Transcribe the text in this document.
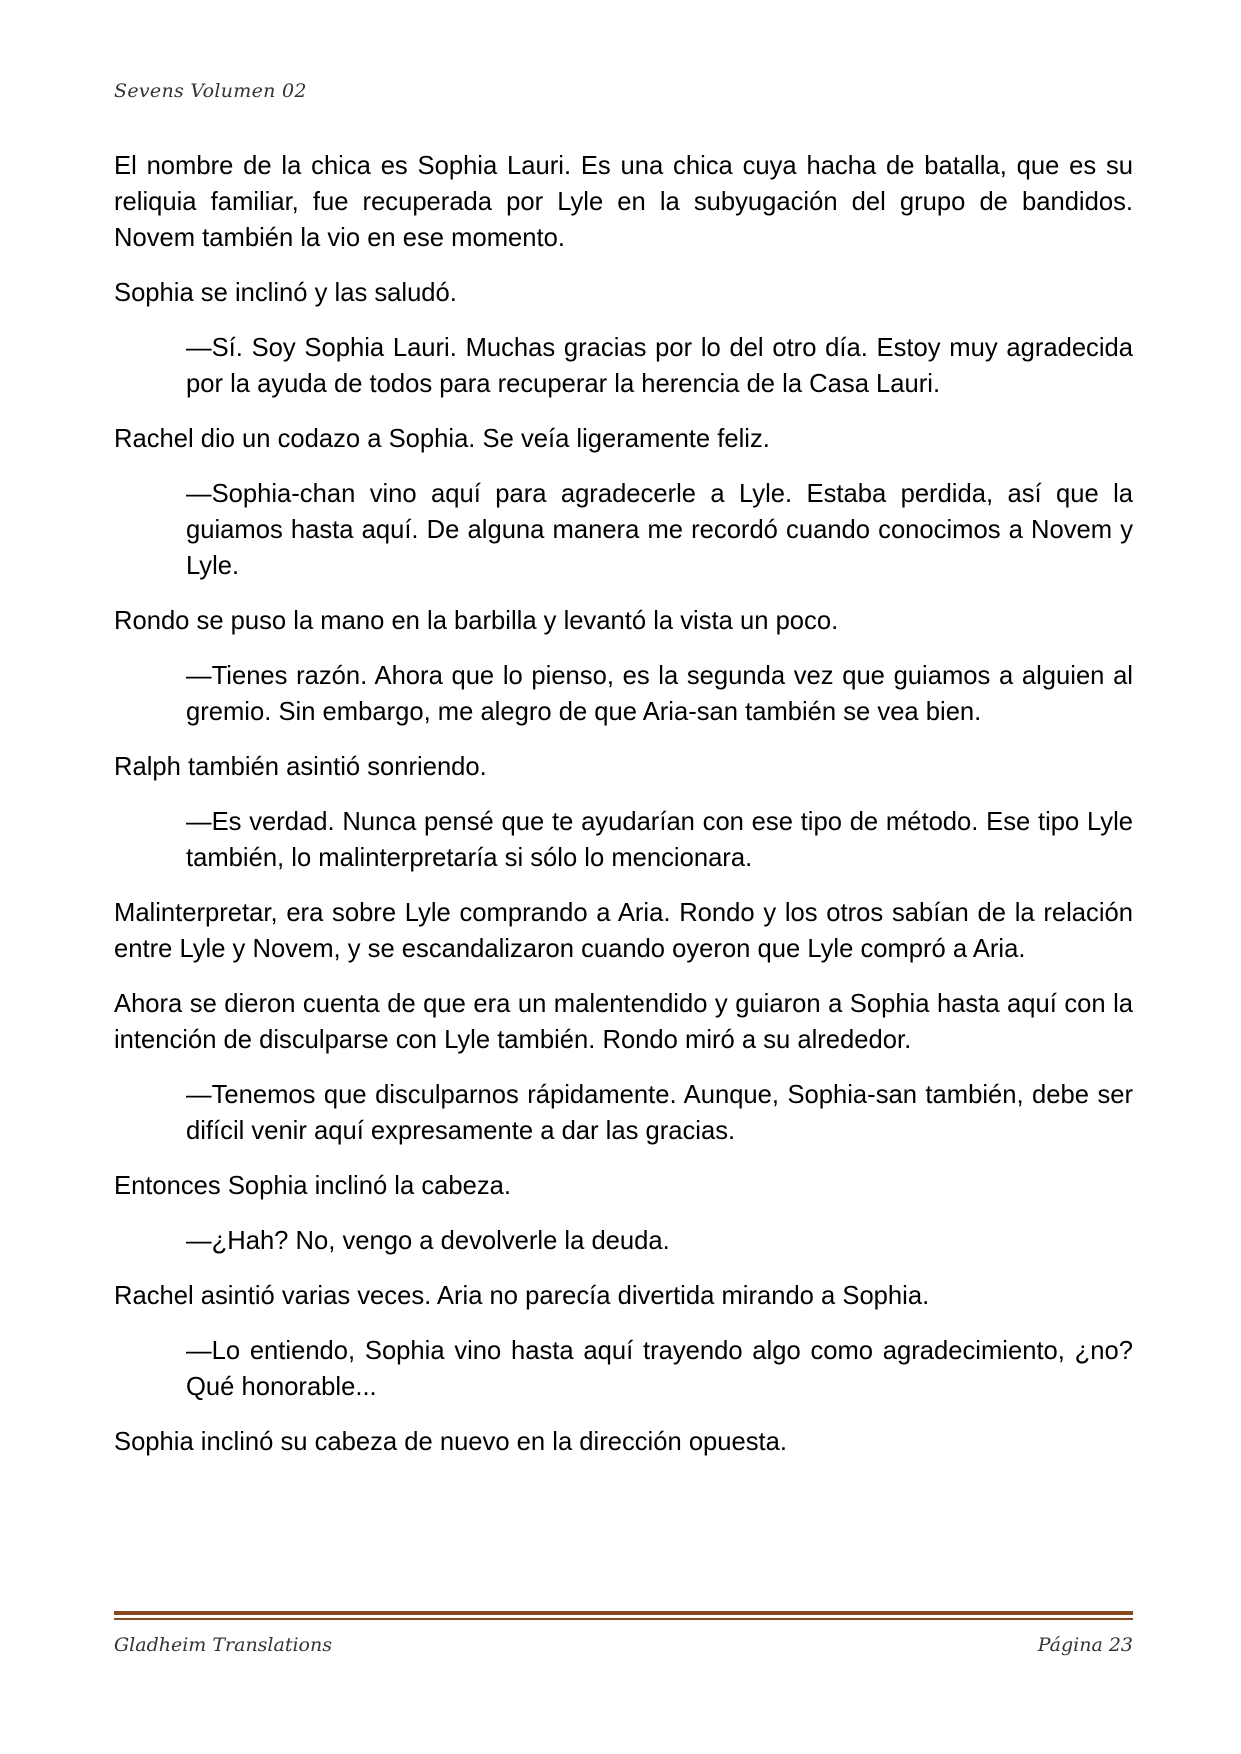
Sevens Volumen 02

El nombre de la chica es Sophia Lauri. Es una chica cuya hacha de batalla, que es su reliquia familiar, fue recuperada por Lyle en la subyugación del grupo de bandidos. Novem también la vio en ese momento.

Sophia se inclinó y las saludó.

—Sí. Soy Sophia Lauri. Muchas gracias por lo del otro día. Estoy muy agradecida por la ayuda de todos para recuperar la herencia de la Casa Lauri.

Rachel dio un codazo a Sophia. Se veía ligeramente feliz.

—Sophia-chan vino aquí para agradecerle a Lyle. Estaba perdida, así que la guiamos hasta aquí. De alguna manera me recordó cuando conocimos a Novem y Lyle.

Rondo se puso la mano en la barbilla y levantó la vista un poco.

—Tienes razón. Ahora que lo pienso, es la segunda vez que guiamos a alguien al gremio. Sin embargo, me alegro de que Aria-san también se vea bien.

Ralph también asintió sonriendo.

—Es verdad. Nunca pensé que te ayudarían con ese tipo de método. Ese tipo Lyle también, lo malinterpretaría si sólo lo mencionara.

Malinterpretar, era sobre Lyle comprando a Aria. Rondo y los otros sabían de la relación entre Lyle y Novem, y se escandalizaron cuando oyeron que Lyle compró a Aria.

Ahora se dieron cuenta de que era un malentendido y guiaron a Sophia hasta aquí con la intención de disculparse con Lyle también. Rondo miró a su alrededor.

—Tenemos que disculparnos rápidamente. Aunque, Sophia-san también, debe ser difícil venir aquí expresamente a dar las gracias.

Entonces Sophia inclinó la cabeza.

—¿Hah? No, vengo a devolverle la deuda.

Rachel asintió varias veces. Aria no parecía divertida mirando a Sophia.

—Lo entiendo, Sophia vino hasta aquí trayendo algo como agradecimiento, ¿no? Qué honorable...

Sophia inclinó su cabeza de nuevo en la dirección opuesta.

Gladheim Translations	Página 23
